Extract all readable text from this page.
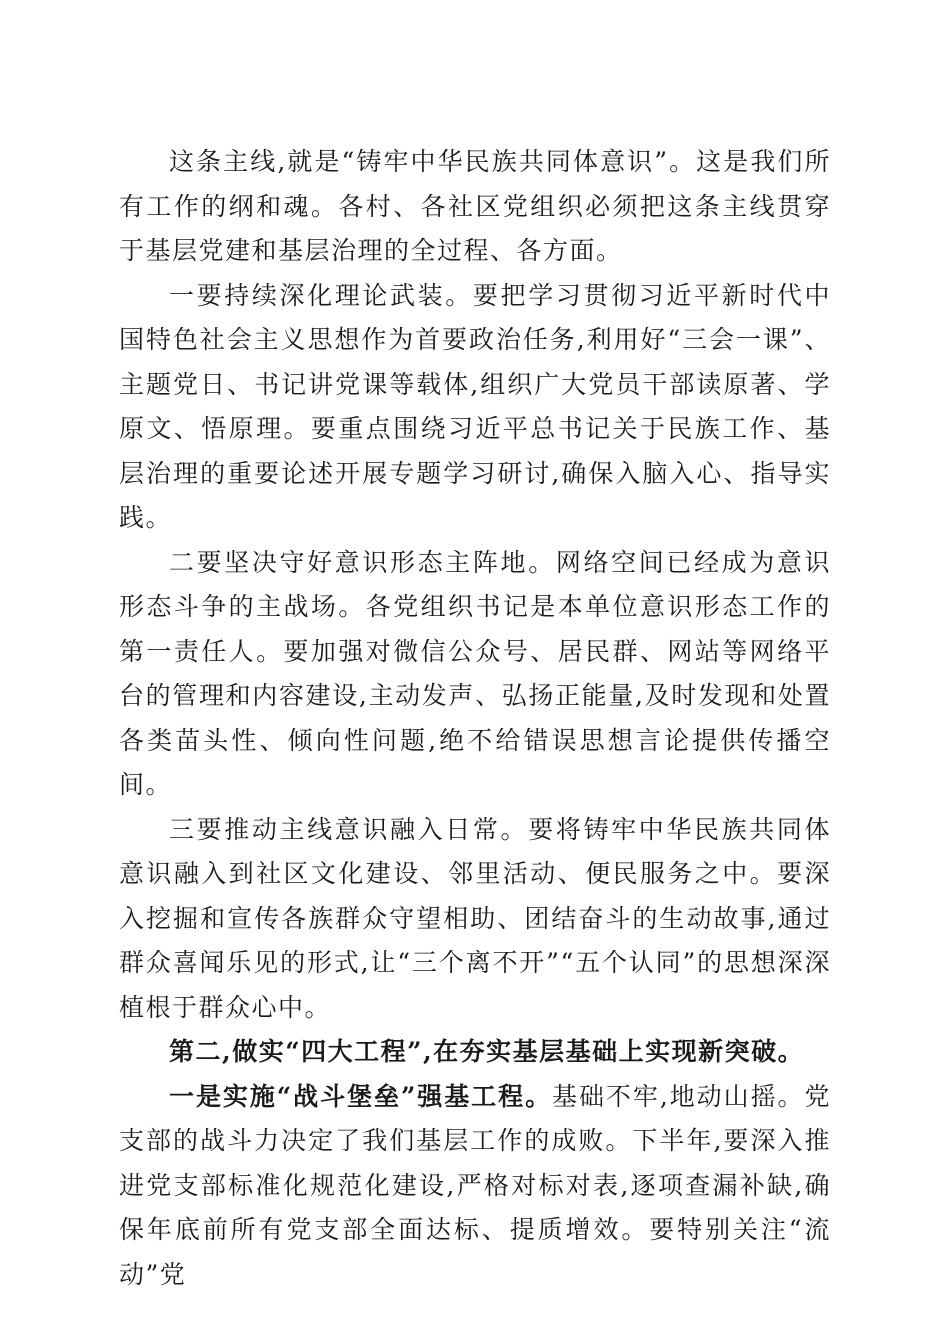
这条主线,就是“铸牢中华民族共同体意识”。这是我们所有工作的纲和魂。各村、各社区党组织必须把这条主线贯穿于基层党建和基层治理的全过程、各方面。

一要持续深化理论武装。要把学习贯彻习近平新时代中国特色社会主义思想作为首要政治任务,利用好“三会一课”、主题党日、书记讲党课等载体,组织广大党员干部读原著、学原文、悟原理。要重点围绕习近平总书记关于民族工作、基层治理的重要论述开展专题学习研讨,确保入脑入心、指导实践。

二要坚决守好意识形态主阵地。网络空间已经成为意识形态斗争的主战场。各党组织书记是本单位意识形态工作的第一责任人。要加强对微信公众号、居民群、网站等网络平台的管理和内容建设,主动发声、弘扬正能量,及时发现和处置各类苗头性、倾向性问题,绝不给错误思想言论提供传播空间。

三要推动主线意识融入日常。要将铸牢中华民族共同体意识融入到社区文化建设、邻里活动、便民服务之中。要深入挖掘和宣传各族群众守望相助、团结奋斗的生动故事,通过群众喜闻乐见的形式,让“三个离不开”“五个认同”的思想深深植根于群众心中。

第二,做实“四大工程”,在夯实基层基础上实现新突破。

一是实施“战斗堡垒”强基工程。基础不牢,地动山摇。党支部的战斗力决定了我们基层工作的成败。下半年,要深入推进党支部标准化规范化建设,严格对标对表,逐项查漏补缺,确保年底前所有党支部全面达标、提质增效。要特别关注“流动”党
